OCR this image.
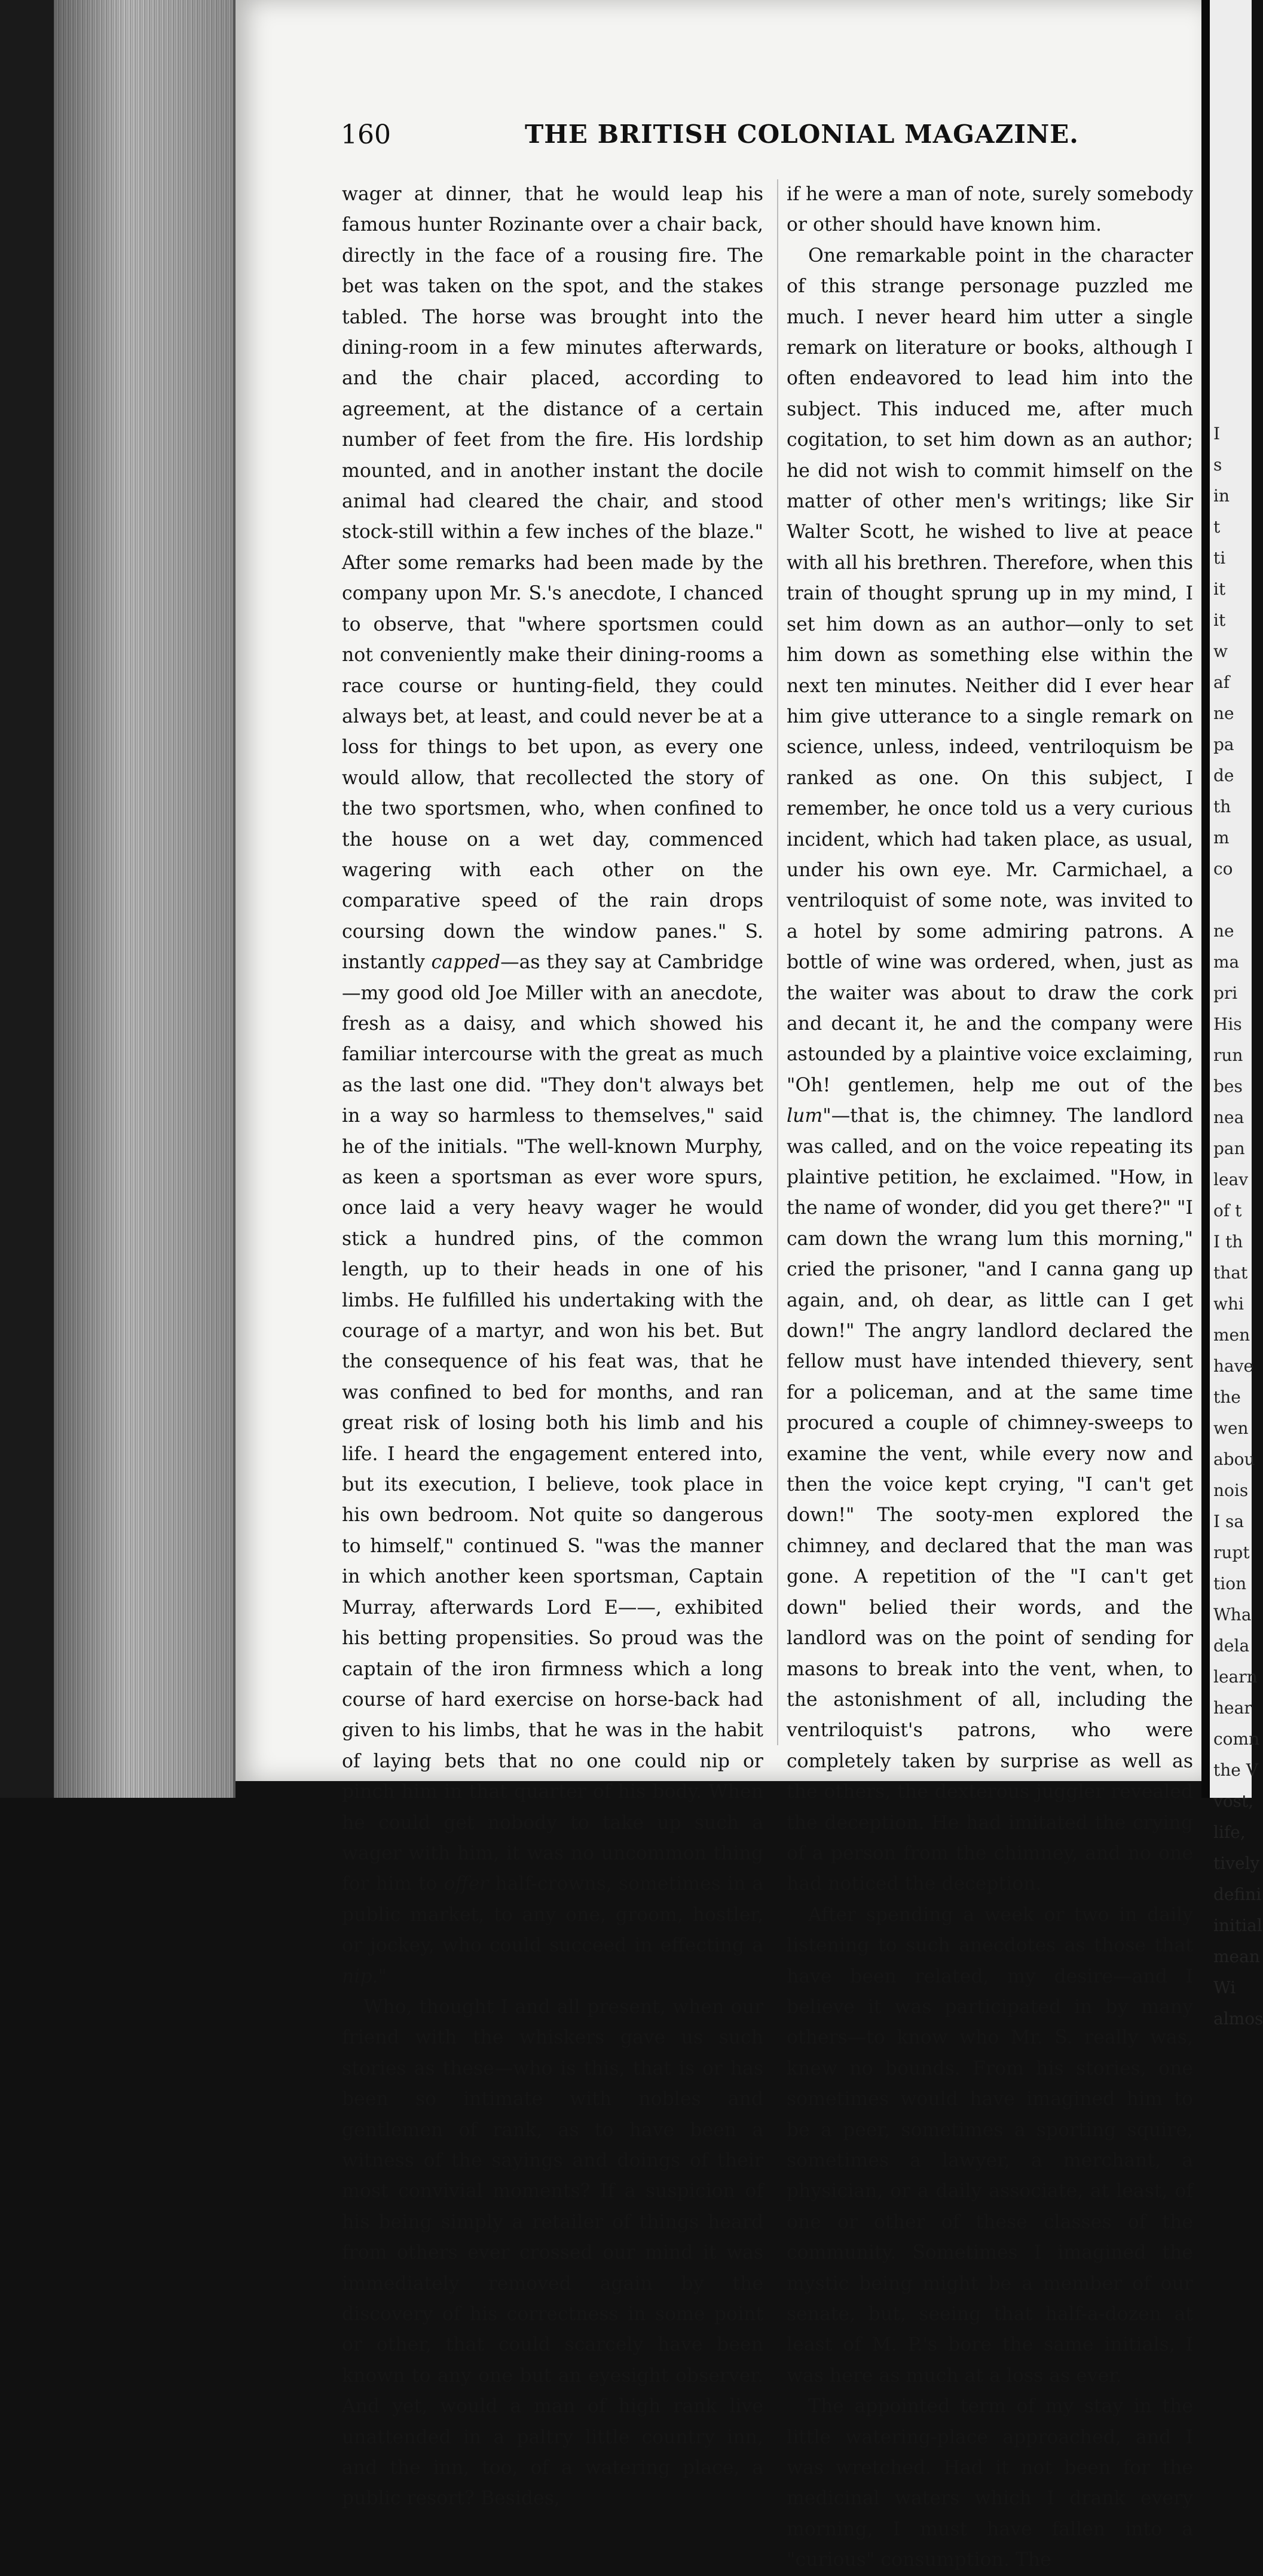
160	THE BRITISH COLONIAL MAGAZINE.

wager at dinner, that he would leap his famous hunter Rozinante over a chair back, directly in the face of a rousing fire. The bet was taken on the spot, and the stakes tabled. The horse was brought into the dining-room in a few minutes afterwards, and the chair placed, according to agreement, at the distance of a certain number of feet from the fire. His lordship mounted, and in another instant the docile animal had cleared the chair, and stood stock-still within a few inches of the blaze." After some remarks had been made by the company upon Mr. S.'s anecdote, I chanced to observe, that "where sportsmen could not conveniently make their dining-rooms a race course or hunting-field, they could always bet, at least, and could never be at a loss for things to bet upon, as every one would allow, that recollected the story of the two sportsmen, who, when confined to the house on a wet day, commenced wagering with each other on the comparative speed of the rain drops coursing down the window panes." S. instantly capped—as they say at Cambridge—my good old Joe Miller with an anecdote, fresh as a daisy, and which showed his familiar intercourse with the great as much as the last one did. "They don't always bet in a way so harmless to themselves," said he of the initials. "The well-known Murphy, as keen a sportsman as ever wore spurs, once laid a very heavy wager he would stick a hundred pins, of the common length, up to their heads in one of his limbs. He fulfilled his undertaking with the courage of a martyr, and won his bet. But the consequence of his feat was, that he was confined to bed for months, and ran great risk of losing both his limb and his life. I heard the engagement entered into, but its execution, I believe, took place in his own bedroom. Not quite so dangerous to himself," continued S. "was the manner in which another keen sportsman, Captain Murray, afterwards Lord E——, exhibited his betting propensities. So proud was the captain of the iron firmness which a long course of hard exercise on horse-back had given to his limbs, that he was in the habit of laying bets that no one could nip or pinch him in that quarter of his body. When he could get nobody to take up such a wager with him, it was no uncommon thing for him to offer half-crowns, sometimes in a public market, to any one, groom, hostler, or jockey, who could succeed in effecting a nip."

Who, thought I and all present, when our friend with the whiskers gave us such stories as these—who is this, that is or has been so intimate with nobles and gentlemen of rank, as to have been a witness of the sayings and doings of their most convivial moments? If a suspicion of his being simply a retailer of things heard from others ever crossed our mind it was immediately removed again by the discovery of his correctness in some point or other, that could scarcely have been known to any one but an eyesight observer. And yet, would a man of high rank live unattended in a paltry little country inn, and the inn, too, of a watering place, a public resort? Besides,

if he were a man of note, surely somebody or other should have known him.

One remarkable point in the character of this strange personage puzzled me much. I never heard him utter a single remark on literature or books, although I often endeavored to lead him into the subject. This induced me, after much cogitation, to set him down as an author; he did not wish to commit himself on the matter of other men's writings; like Sir Walter Scott, he wished to live at peace with all his brethren. Therefore, when this train of thought sprung up in my mind, I set him down as an author—only to set him down as something else within the next ten minutes. Neither did I ever hear him give utterance to a single remark on science, unless, indeed, ventriloquism be ranked as one. On this subject, I remember, he once told us a very curious incident, which had taken place, as usual, under his own eye. Mr. Carmichael, a ventriloquist of some note, was invited to a hotel by some admiring patrons. A bottle of wine was ordered, when, just as the waiter was about to draw the cork and decant it, he and the company were astounded by a plaintive voice exclaiming, "Oh! gentlemen, help me out of the lum"—that is, the chimney. The landlord was called, and on the voice repeating its plaintive petition, he exclaimed. "How, in the name of wonder, did you get there?" "I cam down the wrang lum this morning," cried the prisoner, "and I canna gang up again, and, oh dear, as little can I get down!" The angry landlord declared the fellow must have intended thievery, sent for a policeman, and at the same time procured a couple of chimney-sweeps to examine the vent, while every now and then the voice kept crying, "I can't get down!" The sooty-men explored the chimney, and declared that the man was gone. A repetition of the "I can't get down" belied their words, and the landlord was on the point of sending for masons to break into the vent, when, to the astonishment of all, including the ventriloquist's patrons, who were completely taken by surprise as well as the others, the dexterous juggler revealed the deception. He had imitated the crying of a person from the chimney, and no one had noticed the deception.

After spending a week or two in daily listening to such anecdotes as those that have been related, my desire—and I believe it was participated in by many others—to know who Mr. S. really was, knew no bounds. From his stories, one sometimes would have imagined him to be a peer, sometimes a sporting squire, sometimes a lawyer, a merchant, a physician, or a daily associate, at least, of one or other of these classes of the community. Sometimes I imagined the mystic being might be a member of our senate, but, seeing that half-a-dozen at least of M. P.'s bore the same initials, I was here as much at a loss as ever.

The appointed term of my stay in the little watering-place approached, and I was wretched. Had it not been for the medicinal waters which I drank every morning, I must have fallen into a "curious" consumption. The

I
s
in
t
ti
it
it
w
af
ne
pa
de
th
m
co

ne
ma
pri
His
run
bes
nea
pan
leav
of t
I th
that
whi
men
have
the
wen
abou
nois
I sa
rupt
tion
Wha
dela
learn
hear
comn
the V
vost,
life,
tively
defini
initial
mean
Wi
almos
